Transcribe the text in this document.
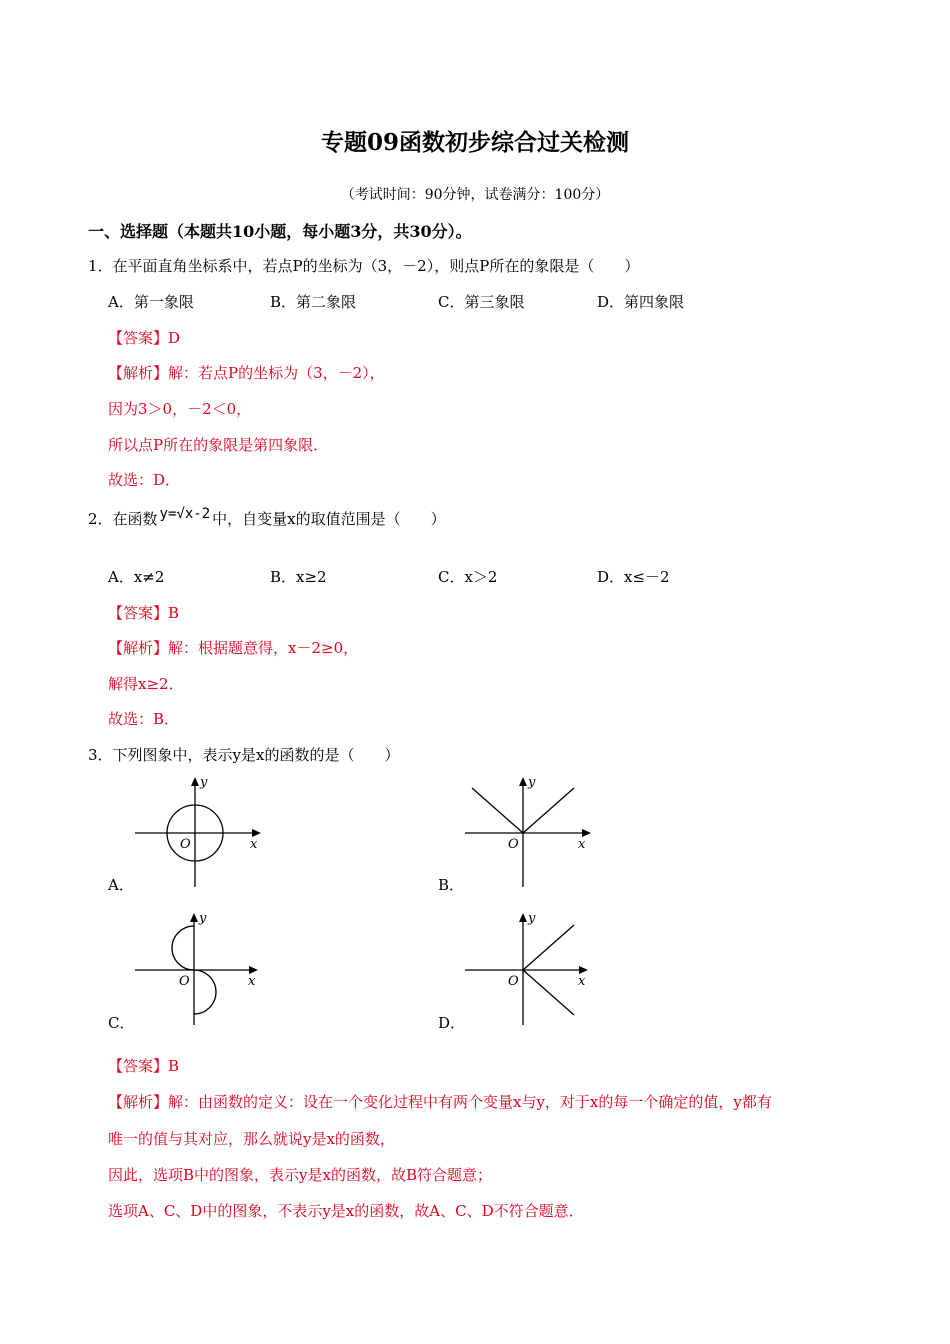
专题09函数初步综合过关检测
（考试时间：90分钟，试卷满分：100分）
一、选择题（本题共10小题，每小题3分，共30分）。
1．在平面直角坐标系中，若点P的坐标为（3，－2），则点P所在的象限是（　　）
A．第一象限	B．第二象限	C．第三象限	D．第四象限
【答案】D
【解析】解：若点P的坐标为（3，－2），
因为3＞0，－2＜0，
所以点P所在的象限是第四象限．
故选：D．
2．在函数 y=√x-2 中，自变量x的取值范围是（　　）
A．x≠2	B．x≥2	C．x＞2	D．x≤－2
【答案】B
【解析】解：根据题意得，x－2≥0，
解得x≥2．
故选：B．
3．下列图象中，表示y是x的函数的是（　　）
y
x
O
A．
y
x
O
B．
y
x
O
C．
y
x
O
D．
【答案】B
【解析】解：由函数的定义：设在一个变化过程中有两个变量x与y，对于x的每一个确定的值，y都有
唯一的值与其对应，那么就说y是x的函数，
因此，选项B中的图象，表示y是x的函数，故B符合题意；
选项A、C、D中的图象，不表示y是x的函数，故A、C、D不符合题意．
